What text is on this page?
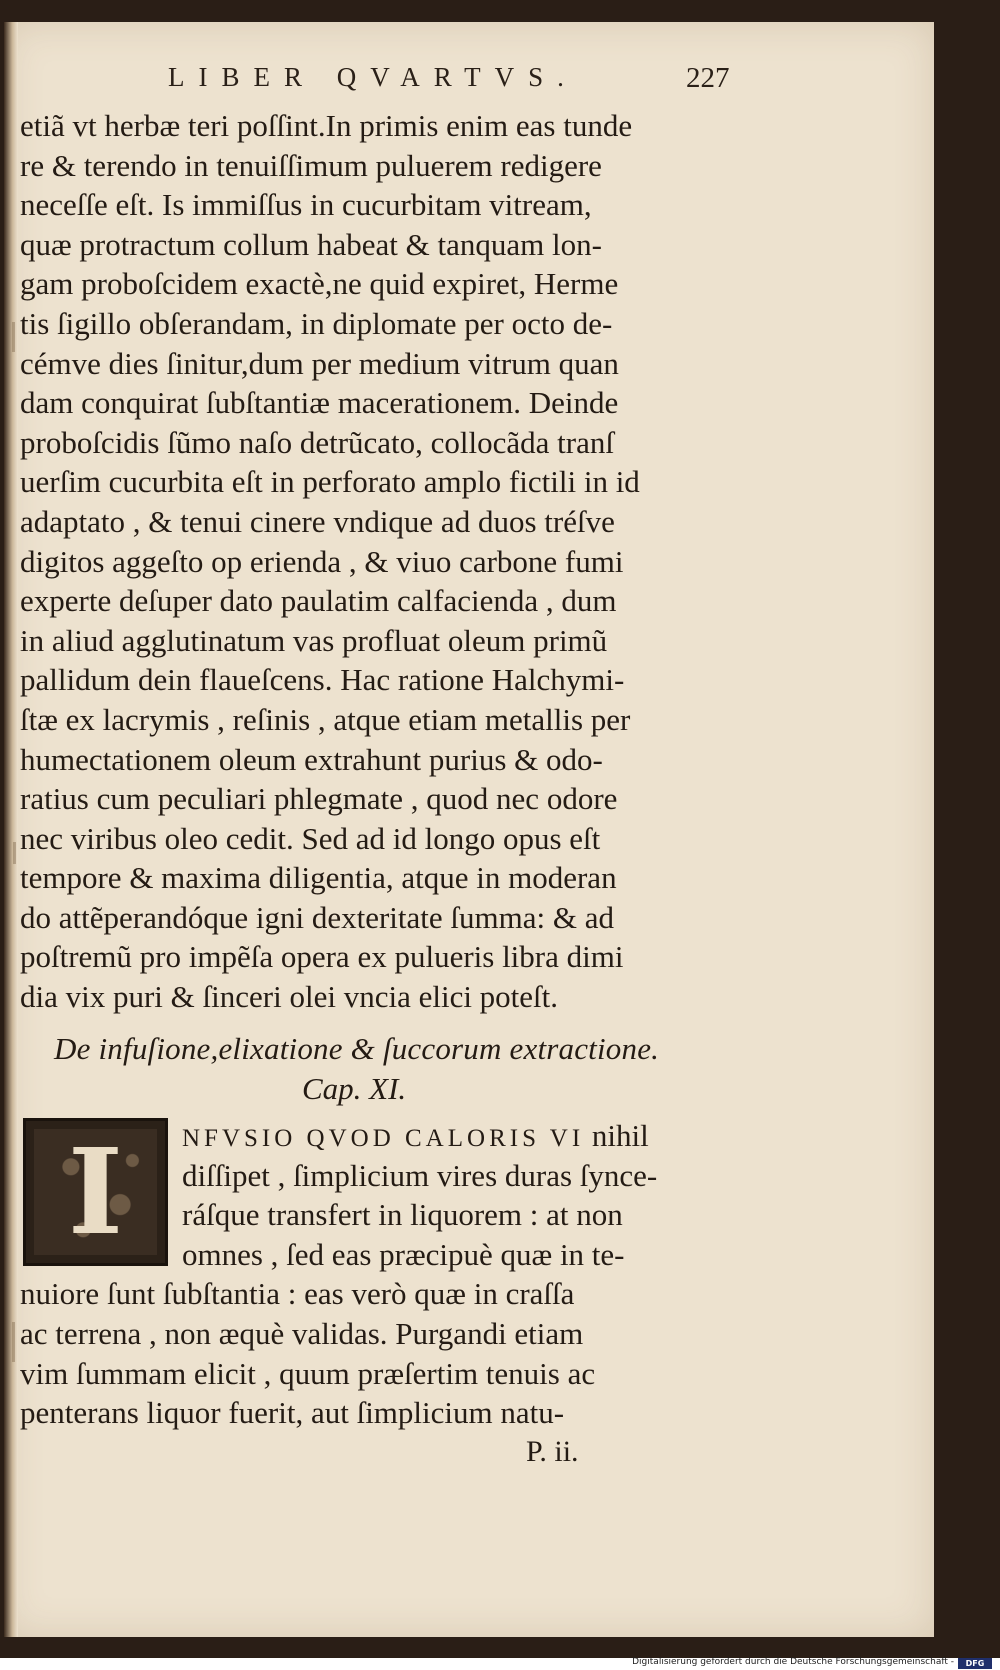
LIBER QVARTVS.	227
etiã vt herbæ teri poſſint.In primis enim eas tunde
re & terendo in tenuiſſimum puluerem redigere
neceſſe eſt. Is immiſſus in cucurbitam vitream,
quæ protractum collum habeat & tanquam lon-
gam proboſcidem exactè,ne quid expiret, Herme
tis ſigillo obſerandam, in diplomate per octo de-
cémve dies ſinitur,dum per medium vitrum quan
dam conquirat ſubſtantiæ macerationem. Deinde
proboſcidis ſũmo naſo detrũcato, collocãda tranſ
uerſim cucurbita eſt in perforato amplo fictili in id
adaptato , & tenui cinere vndique ad duos tréſve
digitos aggeſto op erienda , & viuo carbone fumi
experte deſuper dato paulatim calfacienda , dum
in aliud agglutinatum vas profluat oleum primũ
pallidum dein flaueſcens. Hac ratione Halchymi-
ſtæ ex lacrymis , reſinis , atque etiam metallis per
humectationem oleum extrahunt purius & odo-
ratius cum peculiari phlegmate , quod nec odore
nec viribus oleo cedit. Sed ad id longo opus eſt
tempore & maxima diligentia, atque in moderan
do attẽperandóque igni dexteritate ſumma: & ad
poſtremũ pro impẽſa opera ex pulueris libra dimi
dia vix puri & ſinceri olei vncia elici poteſt.
De infuſione,elixatione & ſuccorum extractione.
Cap. XI.
I	NFVSIO QVOD CALORIS VI nihil
diſſipet , ſimplicium vires duras ſynce-
ráſque transfert in liquorem : at non
omnes , ſed eas præcipuè quæ in te-
nuiore ſunt ſubſtantia : eas verò quæ in craſſa
ac terrena , non æquè validas. Purgandi etiam
vim ſummam elicit , quum præſertim tenuis ac
penterans liquor fuerit, aut ſimplicium natu-
P. ii.
Digitalisierung gefördert durch die Deutsche Forschungsgemeinschaft -	DFG
